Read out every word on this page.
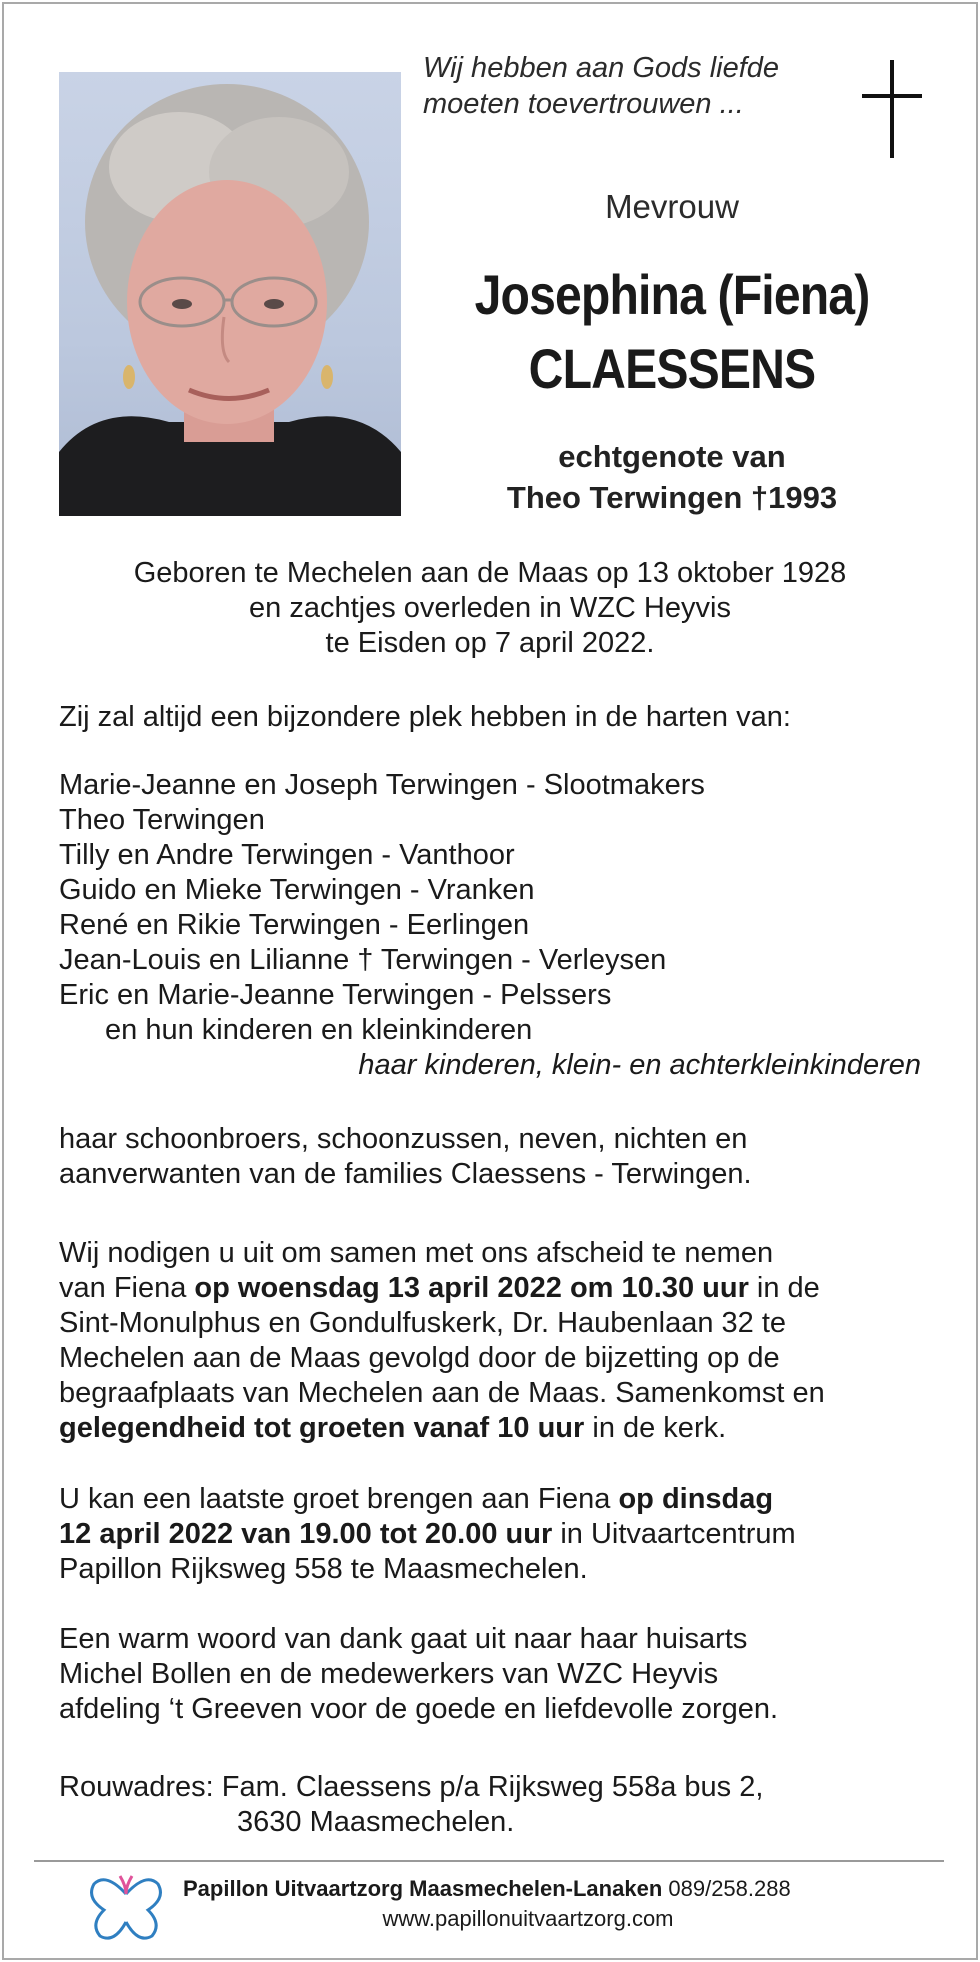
Wij hebben aan Gods liefde
moeten toevertrouwen ...
Mevrouw
Josephina (Fiena)
CLAESSENS
echtgenote van
Theo Terwingen †1993
Geboren te Mechelen aan de Maas op 13 oktober 1928
en zachtjes overleden in WZC Heyvis
te Eisden op 7 april 2022.
Zij zal altijd een bijzondere plek hebben in de harten van:
Marie-Jeanne en Joseph Terwingen - Slootmakers
Theo Terwingen
Tilly en Andre Terwingen - Vanthoor
Guido en Mieke Terwingen - Vranken
René en Rikie Terwingen - Eerlingen
Jean-Louis en Lilianne † Terwingen - Verleysen
Eric en Marie-Jeanne Terwingen - Pelssers
en hun kinderen en kleinkinderen
haar kinderen, klein- en achterkleinkinderen
haar schoonbroers, schoonzussen, neven, nichten en
aanverwanten van de families Claessens - Terwingen.
Wij nodigen u uit om samen met ons afscheid te nemen
van Fiena op woensdag 13 april 2022 om 10.30 uur in de
Sint-Monulphus en Gondulfuskerk, Dr. Haubenlaan 32 te
Mechelen aan de Maas gevolgd door de bijzetting op de
begraafplaats van Mechelen aan de Maas. Samenkomst en
gelegendheid tot groeten vanaf 10 uur in de kerk.
U kan een laatste groet brengen aan Fiena op dinsdag
12 april 2022 van 19.00 tot 20.00 uur in Uitvaartcentrum
Papillon Rijksweg 558 te Maasmechelen.
Een warm woord van dank gaat uit naar haar huisarts
Michel Bollen en de medewerkers van WZC Heyvis
afdeling ‘t Greeven voor de goede en liefdevolle zorgen.
Rouwadres: Fam. Claessens p/a Rijksweg 558a bus 2,
3630 Maasmechelen.
Papillon Uitvaartzorg Maasmechelen-Lanaken 089/258.288
www.papillonuitvaartzorg.com
